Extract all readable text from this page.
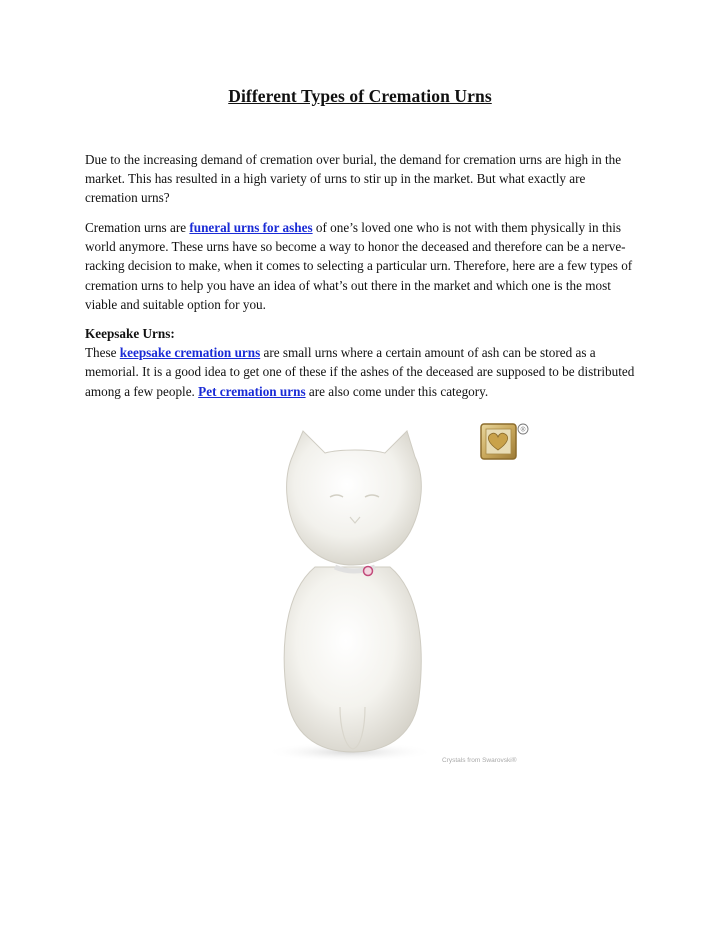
Different Types of Cremation Urns
Due to the increasing demand of cremation over burial, the demand for cremation urns are high in the market. This has resulted in a high variety of urns to stir up in the market. But what exactly are cremation urns?
Cremation urns are funeral urns for ashes of one’s loved one who is not with them physically in this world anymore. These urns have so become a way to honor the deceased and therefore can be a nerve-racking decision to make, when it comes to selecting a particular urn. Therefore, here are a few types of cremation urns to help you have an idea of what’s out there in the market and which one is the most viable and suitable option for you.
Keepsake Urns:
These keepsake cremation urns are small urns where a certain amount of ash can be stored as a memorial. It is a good idea to get one of these if the ashes of the deceased are supposed to be distributed among a few people. Pet cremation urns are also come under this category.
®
Crystals from Swarovski®
